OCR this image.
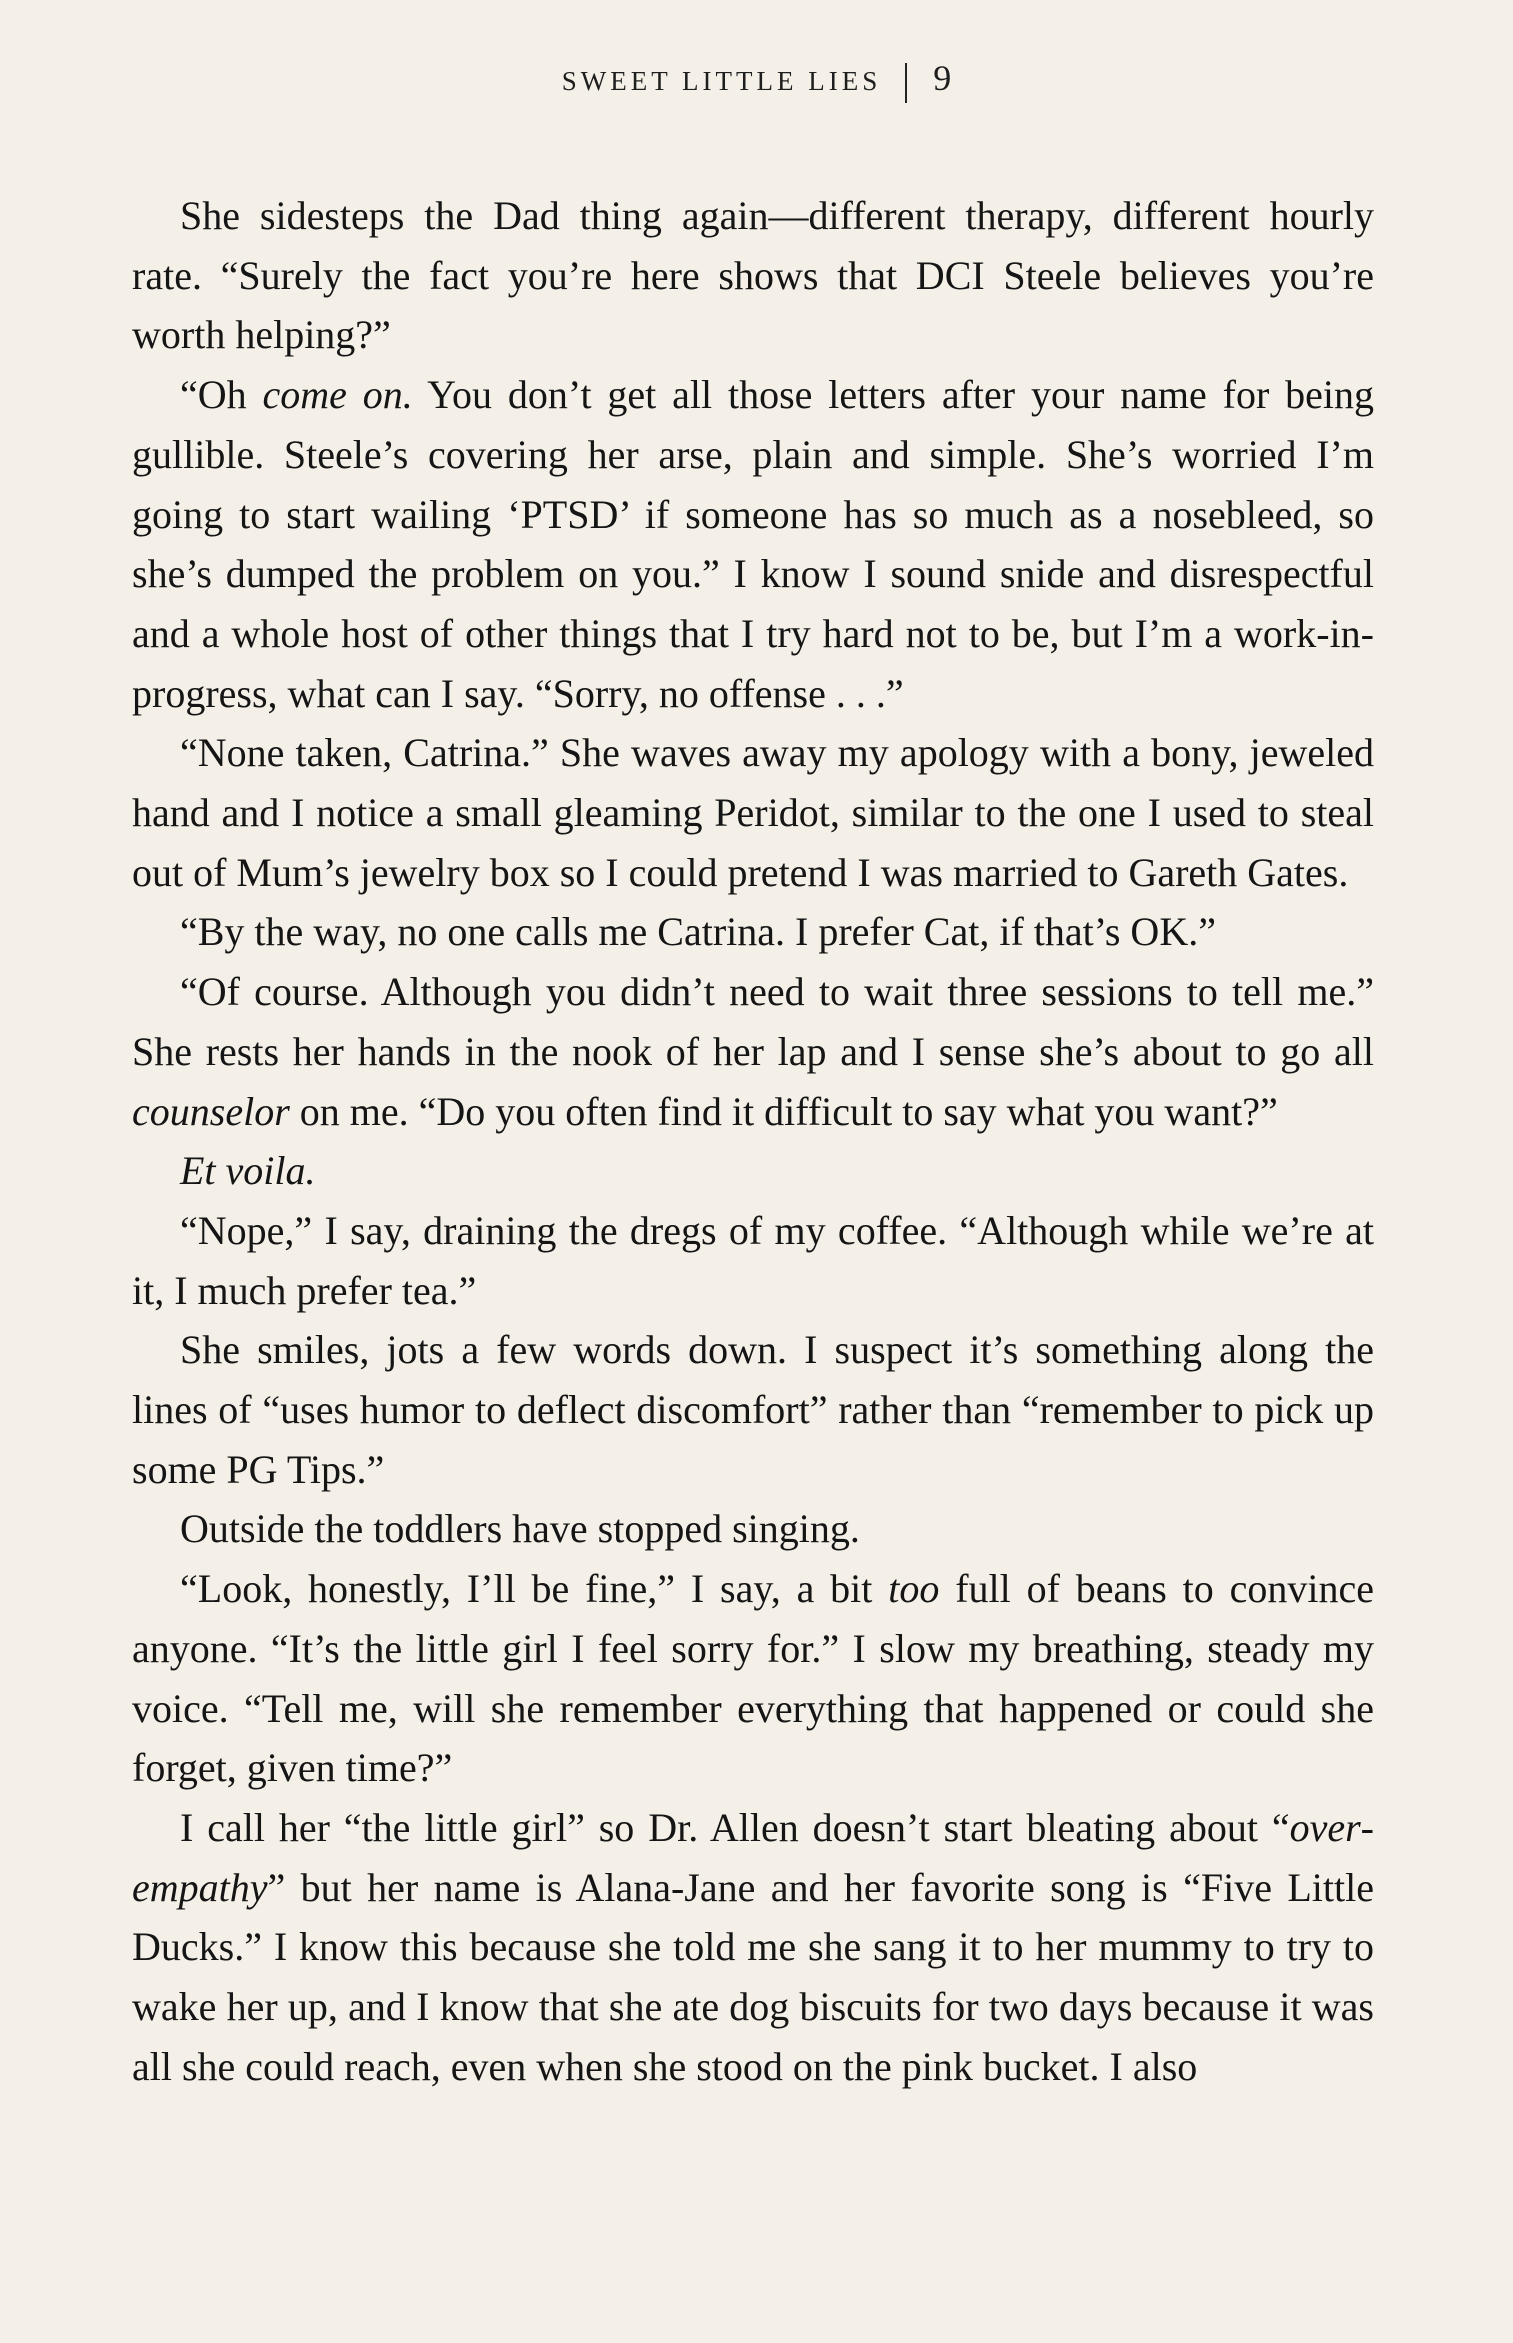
SWEET LITTLE LIES 9

She sidesteps the Dad thing again—different therapy, different hourly rate. “Surely the fact you’re here shows that DCI Steele believes you’re worth helping?”

“Oh come on. You don’t get all those letters after your name for being gullible. Steele’s covering her arse, plain and simple. She’s worried I’m going to start wailing ‘PTSD’ if someone has so much as a nosebleed, so she’s dumped the problem on you.” I know I sound snide and disrespectful and a whole host of other things that I try hard not to be, but I’m a work-in-progress, what can I say. “Sorry, no offense . . .”

“None taken, Catrina.” She waves away my apology with a bony, jeweled hand and I notice a small gleaming Peridot, similar to the one I used to steal out of Mum’s jewelry box so I could pretend I was married to Gareth Gates.

“By the way, no one calls me Catrina. I prefer Cat, if that’s OK.”

“Of course. Although you didn’t need to wait three sessions to tell me.” She rests her hands in the nook of her lap and I sense she’s about to go all counselor on me. “Do you often find it difficult to say what you want?”

Et voila.

“Nope,” I say, draining the dregs of my coffee. “Although while we’re at it, I much prefer tea.”

She smiles, jots a few words down. I suspect it’s something along the lines of “uses humor to deflect discomfort” rather than “remember to pick up some PG Tips.”

Outside the toddlers have stopped singing.

“Look, honestly, I’ll be fine,” I say, a bit too full of beans to convince anyone. “It’s the little girl I feel sorry for.” I slow my breathing, steady my voice. “Tell me, will she remember everything that happened or could she forget, given time?”

I call her “the little girl” so Dr. Allen doesn’t start bleating about “overempathy” but her name is Alana-Jane and her favorite song is “Five Little Ducks.” I know this because she told me she sang it to her mummy to try to wake her up, and I know that she ate dog biscuits for two days because it was all she could reach, even when she stood on the pink bucket. I also
